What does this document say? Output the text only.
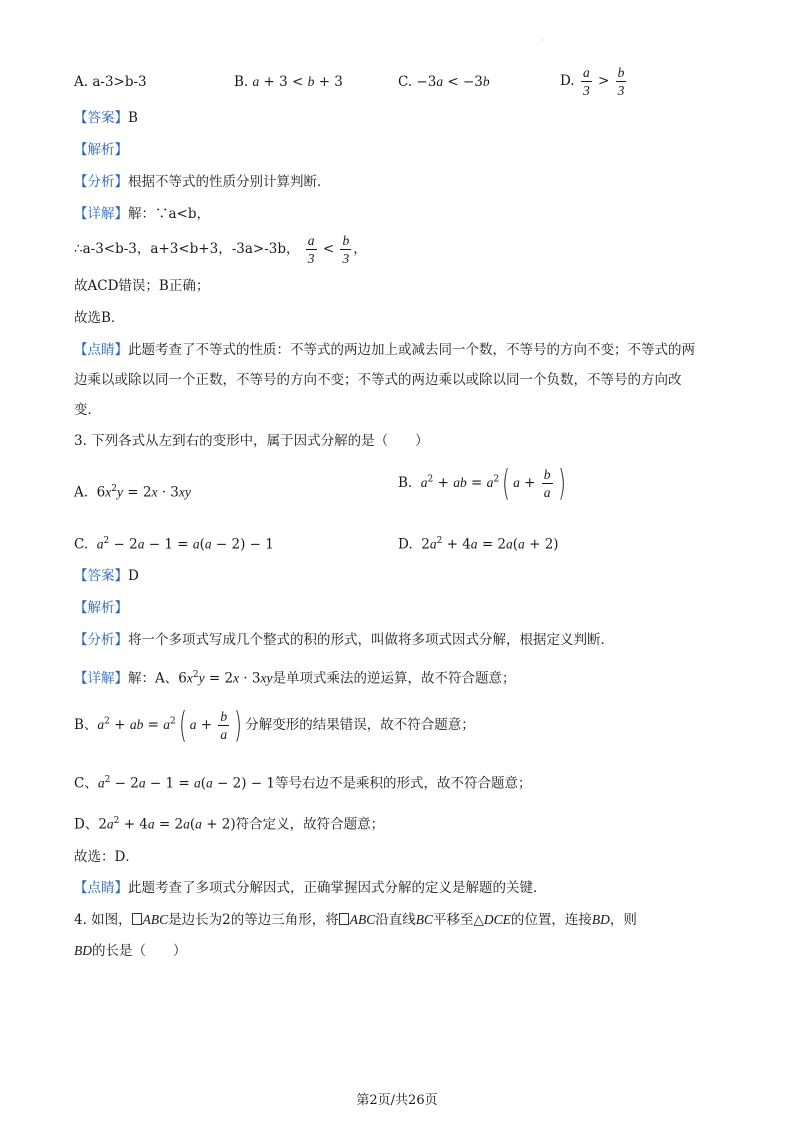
·
A. a-3>b-3	B. a + 3 < b + 3	C. −3a < −3b	D. $\frac{a}{3} > \frac{b}{3}$
【答案】B
【解析】
【分析】根据不等式的性质分别计算判断．
【详解】解：∵a<b，
∴a-3<b-3，a+3<b+3，-3a>-3b， $\frac{a}{3} < \frac{b}{3}$ ，
故ACD错误；B正确；
故选B．
【点睛】此题考查了不等式的性质：不等式的两边加上或减去同一个数，不等号的方向不变；不等式的两
边乘以或除以同一个正数，不等号的方向不变；不等式的两边乘以或除以同一个负数，不等号的方向改
变．
3. 下列各式从左到右的变形中，属于因式分解的是（　　）
A.  $6x^2y = 2x \cdot 3xy$
B.  $a^2$ + ab = $a^2$( $a + \frac{b}{a}$ )
C.  $a^2 - 2a - 1 = a(a - 2) - 1$	D.  $2a^2 + 4a = 2a(a + 2)$
【答案】D
【解析】
【分析】将一个多项式写成几个整式的积的形式，叫做将多项式因式分解，根据定义判断．
【详解】解：A、$6x^2y = 2x \cdot 3xy$是单项式乘法的逆运算，故不符合题意；
B、$a^2$ + ab = $a^2$( $a + \frac{b}{a}$ ) 分解变形的结果错误，故不符合题意；
C、$a^2 - 2a - 1 = a(a - 2) - 1$等号右边不是乘积的形式，故不符合题意；
D、$2a^2 + 4a = 2a(a + 2)$符合定义，故符合题意；
故选：D．
【点睛】此题考查了多项式分解因式，正确掌握因式分解的定义是解题的关键．
4. 如图， ABC是边长为2的等边三角形，将 ABC沿直线BC平移至△DCE的位置，连接BD，则
BD的长是（　　）
第2页/共26页
